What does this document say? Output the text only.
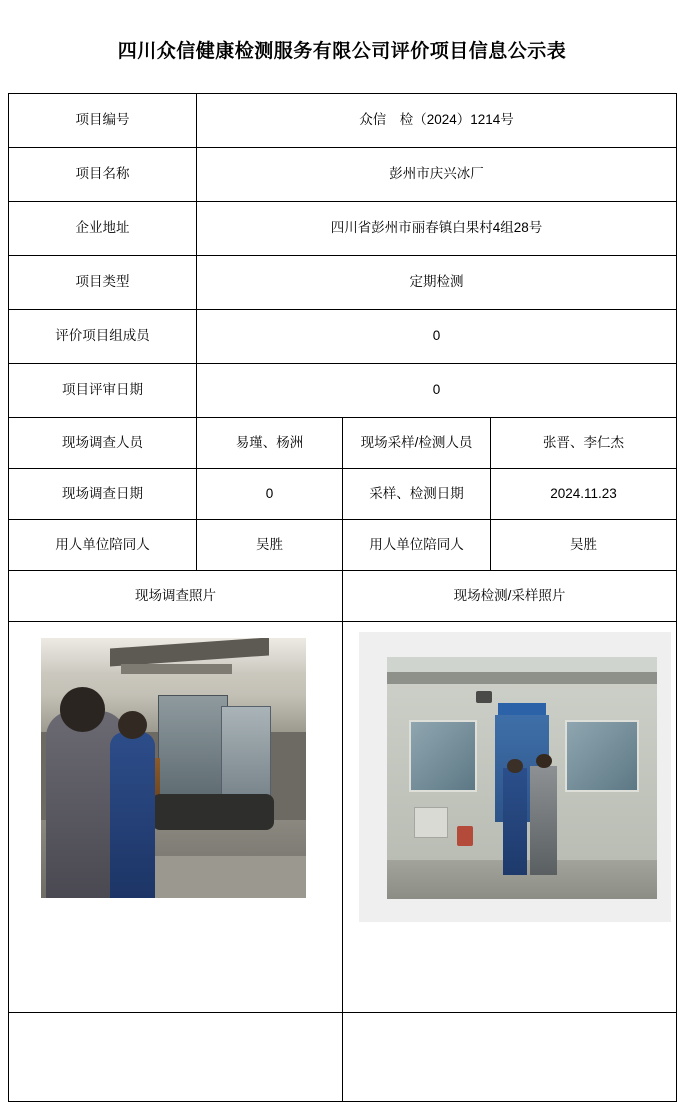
四川众信健康检测服务有限公司评价项目信息公示表
项目编号	众信　检（2024）1214号		
项目名称	彭州市庆兴冰厂		
企业地址	四川省彭州市丽春镇白果村4组28号		
项目类型	定期检测		
评价项目组成员	0		
项目评审日期	0		
现场调查人员	易瑾、杨洲	现场采样/检测人员	张晋、李仁杰
现场调查日期	0	采样、检测日期	2024.11.23
用人单位陪同人	吴胜	用人单位陪同人	吴胜
现场调查照片		现场检测/采样照片	
